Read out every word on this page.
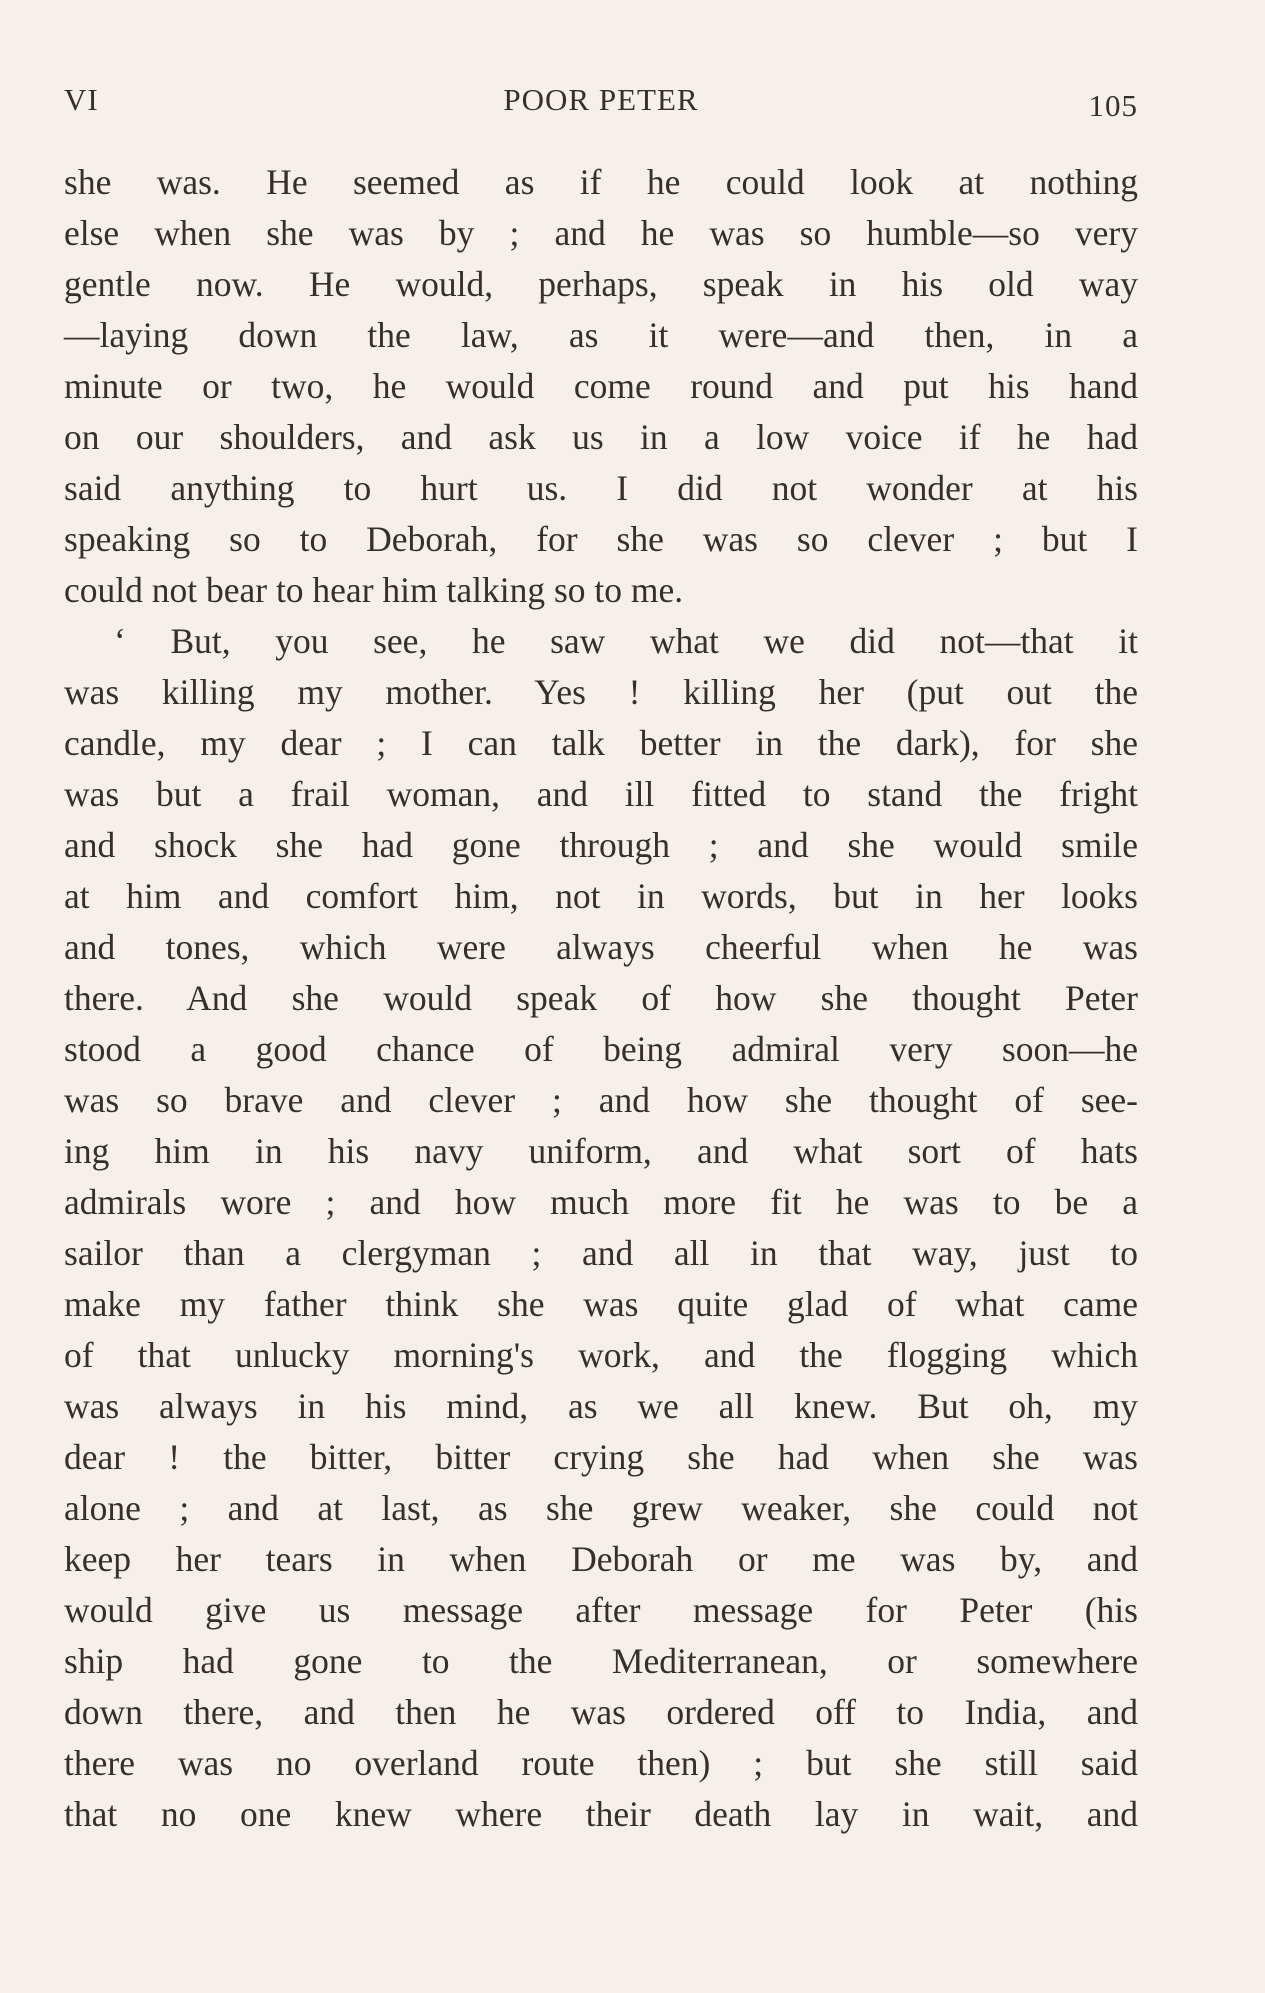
VI	POOR PETER	105
she was. He seemed as if he could look at nothing
else when she was by ; and he was so humble—so very
gentle now. He would, perhaps, speak in his old way
—laying down the law, as it were—and then, in a
minute or two, he would come round and put his hand
on our shoulders, and ask us in a low voice if he had
said anything to hurt us. I did not wonder at his
speaking so to Deborah, for she was so clever ; but I
could not bear to hear him talking so to me.
‘ But, you see, he saw what we did not—that it
was killing my mother. Yes ! killing her (put out the
candle, my dear ; I can talk better in the dark), for she
was but a frail woman, and ill fitted to stand the fright
and shock she had gone through ; and she would smile
at him and comfort him, not in words, but in her looks
and tones, which were always cheerful when he was
there. And she would speak of how she thought Peter
stood a good chance of being admiral very soon—he
was so brave and clever ; and how she thought of see-
ing him in his navy uniform, and what sort of hats
admirals wore ; and how much more fit he was to be a
sailor than a clergyman ; and all in that way, just to
make my father think she was quite glad of what came
of that unlucky morning's work, and the flogging which
was always in his mind, as we all knew. But oh, my
dear ! the bitter, bitter crying she had when she was
alone ; and at last, as she grew weaker, she could not
keep her tears in when Deborah or me was by, and
would give us message after message for Peter (his
ship had gone to the Mediterranean, or somewhere
down there, and then he was ordered off to India, and
there was no overland route then) ; but she still said
that no one knew where their death lay in wait, and
